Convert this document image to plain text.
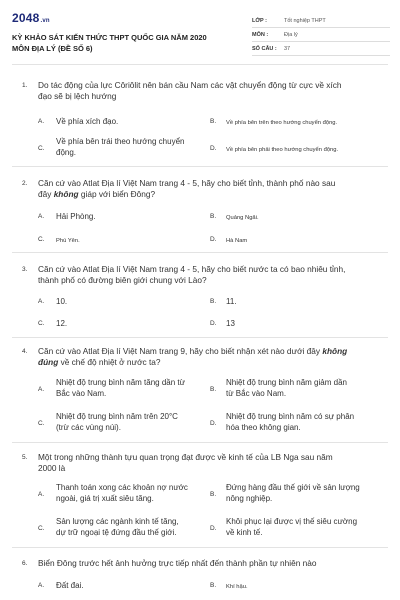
2048.vn
KỲ KHẢO SÁT KIẾN THỨC THPT QUỐC GIA NĂM 2020
MÔN ĐỊA LÝ (ĐỀ SỐ 6)
LỚP :	Tốt nghiệp THPT
MÔN :	Địa lý
SỐ CÂU : 37
1. Do tác động của lực Côriôlit nên bán cầu Nam các vật chuyển động từ cực về xích
đạo sẽ bị lệch hướng
A. Về phía xích đạo.	B. Về phía bên trên theo hướng chuyển động.
C.
Về phía bên trái theo hướng chuyển
động.	D. Về phía bên phải theo hướng chuyển động.
2. Căn cứ vào Atlat Địa lí Việt Nam trang 4 - 5, hãy cho biết tỉnh, thành phố nào sau
đây không giáp với biển Đông?
A. Hải Phòng.	B. Quảng Ngãi.
C. Phú Yên.	D. Hà Nam
3. Căn cứ vào Atlat Địa lí Việt Nam trang 4 - 5, hãy cho biết nước ta có bao nhiêu tỉnh,
thành phố có đường biên giới chung với Lào?
A. 10.	B. 11.
C. 12.	D. 13
4. Căn cứ vào Atlat Địa lí Việt Nam trang 9, hãy cho biết nhận xét nào dưới đây không
đúng về chế độ nhiệt ở nước ta?
A.
Nhiệt độ trung bình năm tăng dần từ
Bắc vào Nam.	B.
Nhiệt độ trung bình năm giảm dần
từ Bắc vào Nam.
C.
Nhiệt độ trung bình năm trên 20°C
(trừ các vùng núi).	D.
Nhiệt độ trung bình năm có sự phân
hóa theo không gian.
5. Một trong những thành tựu quan trọng đạt được về kinh tế của LB Nga sau năm
2000 là
A.
Thanh toán xong các khoản nợ nước
ngoài, giá trị xuất siêu tăng.	B.
Đứng hàng đầu thế giới về sản lượng
nông nghiệp.
C.
Sản lượng các ngành kinh tế tăng,
dự trữ ngoại tệ đứng đầu thế giới.	D.
Khôi phục lại được vị thế siêu cường
về kinh tế.
6. Biển Đông trước hết ảnh hưởng trực tiếp nhất đến thành phần tự nhiên nào
A. Đất đai.	B. Khí hậu.
